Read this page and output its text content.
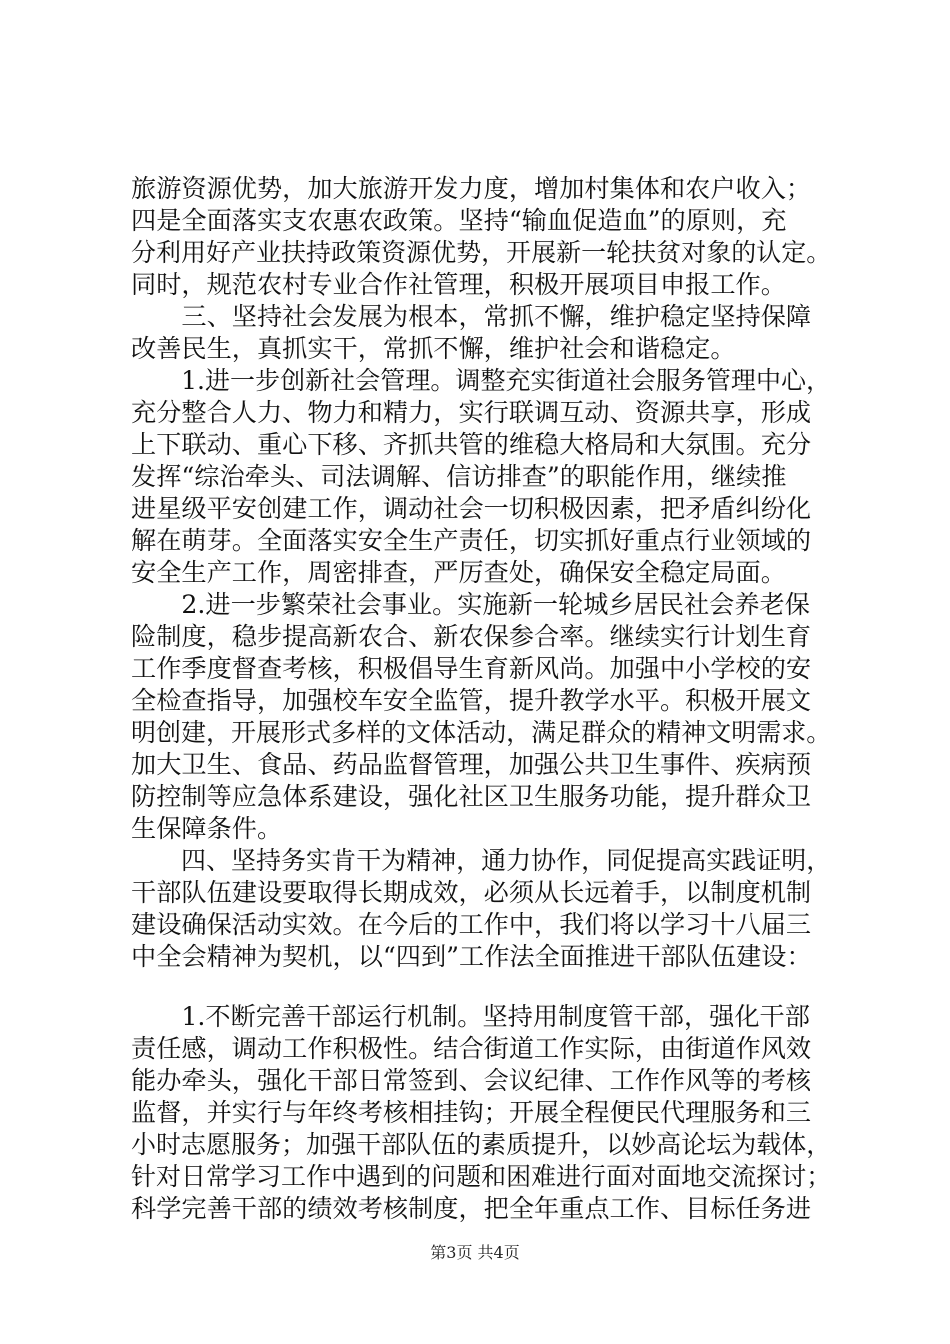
旅游资源优势，加大旅游开发力度，增加村集体和农户收入；
四是全面落实支农惠农政策。坚持“输血促造血”的原则，充
分利用好产业扶持政策资源优势，开展新一轮扶贫对象的认定。
同时，规范农村专业合作社管理，积极开展项目申报工作。
　　三、坚持社会发展为根本，常抓不懈，维护稳定坚持保障
改善民生，真抓实干，常抓不懈，维护社会和谐稳定。
　　1.进一步创新社会管理。调整充实街道社会服务管理中心，
充分整合人力、物力和精力，实行联调互动、资源共享，形成
上下联动、重心下移、齐抓共管的维稳大格局和大氛围。充分
发挥“综治牵头、司法调解、信访排查”的职能作用，继续推
进星级平安创建工作，调动社会一切积极因素，把矛盾纠纷化
解在萌芽。全面落实安全生产责任，切实抓好重点行业领域的
安全生产工作，周密排查，严厉查处，确保安全稳定局面。
　　2.进一步繁荣社会事业。实施新一轮城乡居民社会养老保
险制度，稳步提高新农合、新农保参合率。继续实行计划生育
工作季度督查考核，积极倡导生育新风尚。加强中小学校的安
全检查指导，加强校车安全监管，提升教学水平。积极开展文
明创建，开展形式多样的文体活动，满足群众的精神文明需求。
加大卫生、食品、药品监督管理，加强公共卫生事件、疾病预
防控制等应急体系建设，强化社区卫生服务功能，提升群众卫
生保障条件。
　　四、坚持务实肯干为精神，通力协作，同促提高实践证明，
干部队伍建设要取得长期成效，必须从长远着手，以制度机制
建设确保活动实效。在今后的工作中，我们将以学习十八届三
中全会精神为契机，以“四到”工作法全面推进干部队伍建设：
　　1.不断完善干部运行机制。坚持用制度管干部，强化干部
责任感，调动工作积极性。结合街道工作实际，由街道作风效
能办牵头，强化干部日常签到、会议纪律、工作作风等的考核
监督，并实行与年终考核相挂钩；开展全程便民代理服务和三
小时志愿服务；加强干部队伍的素质提升，以妙高论坛为载体，
针对日常学习工作中遇到的问题和困难进行面对面地交流探讨；
科学完善干部的绩效考核制度，把全年重点工作、目标任务进
第3页 共4页
